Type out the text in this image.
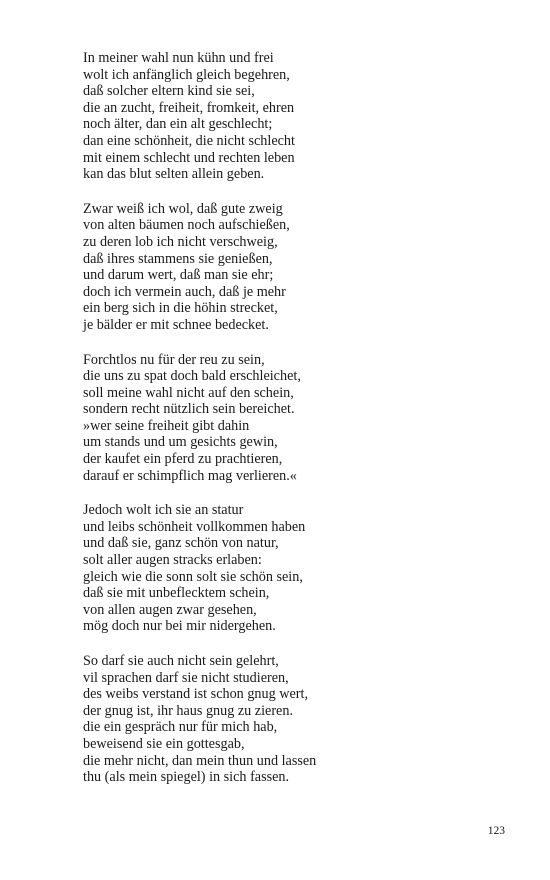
In meiner wahl nun kühn und frei
wolt ich anfänglich gleich begehren,
daß solcher eltern kind sie sei,
die an zucht, freiheit, fromkeit, ehren
noch älter, dan ein alt geschlecht;
dan eine schönheit, die nicht schlecht
mit einem schlecht und rechten leben
kan das blut selten allein geben.
Zwar weiß ich wol, daß gute zweig
von alten bäumen noch aufschießen,
zu deren lob ich nicht verschweig,
daß ihres stammens sie genießen,
und darum wert, daß man sie ehr;
doch ich vermein auch, daß je mehr
ein berg sich in die höhin strecket,
je bälder er mit schnee bedecket.
Forchtlos nu für der reu zu sein,
die uns zu spat doch bald erschleichet,
soll meine wahl nicht auf den schein,
sondern recht nützlich sein bereichet.
»wer seine freiheit gibt dahin
um stands und um gesichts gewin,
der kaufet ein pferd zu prachtieren,
darauf er schimpflich mag verlieren.«
Jedoch wolt ich sie an statur
und leibs schönheit vollkommen haben
und daß sie, ganz schön von natur,
solt aller augen stracks erlaben:
gleich wie die sonn solt sie schön sein,
daß sie mit unbeflecktem schein,
von allen augen zwar gesehen,
mög doch nur bei mir nidergehen.
So darf sie auch nicht sein gelehrt,
vil sprachen darf sie nicht studieren,
des weibs verstand ist schon gnug wert,
der gnug ist, ihr haus gnug zu zieren.
die ein gespräch nur für mich hab,
beweisend sie ein gottesgab,
die mehr nicht, dan mein thun und lassen
thu (als mein spiegel) in sich fassen.
123
